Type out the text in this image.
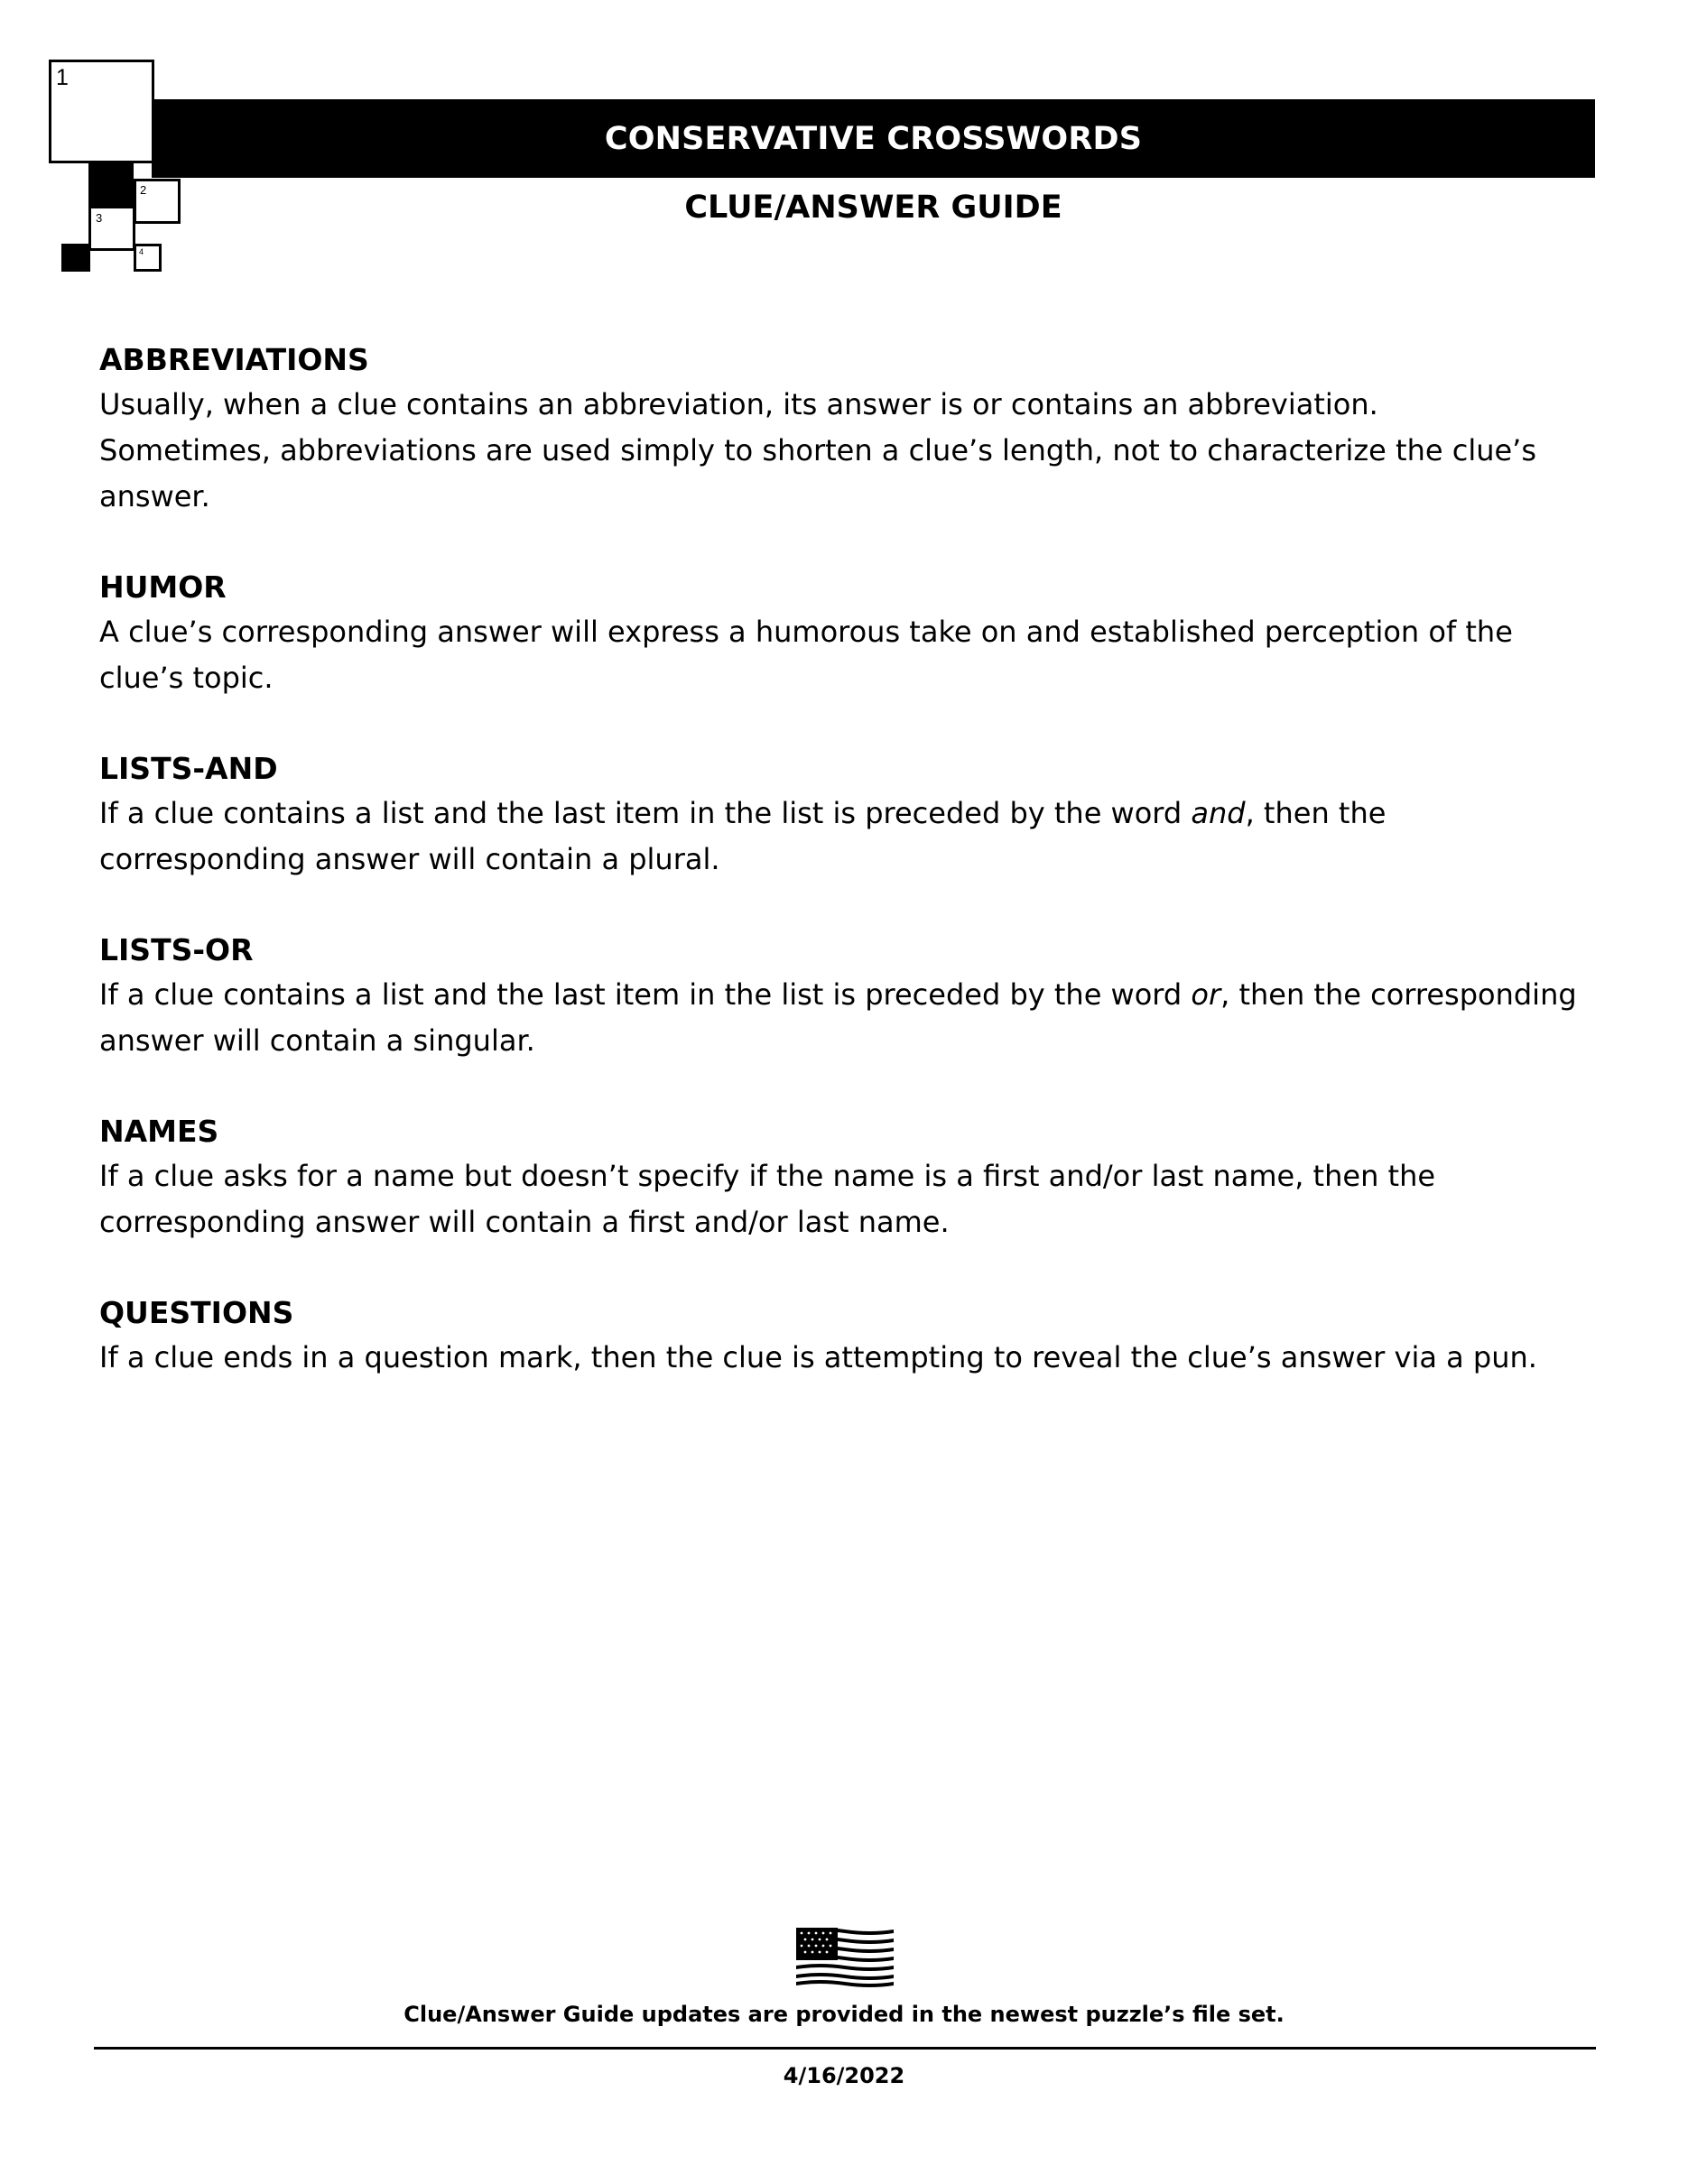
1
2
3
4
CONSERVATIVE CROSSWORDS
CLUE/ANSWER GUIDE

ABBREVIATIONS

Usually, when a clue contains an abbreviation, its answer is or contains an abbreviation.

Sometimes, abbreviations are used simply to shorten a clue’s length, not to characterize the clue’s answer.

HUMOR

A clue’s corresponding answer will express a humorous take on and established perception of the clue’s topic.

LISTS-AND

If a clue contains a list and the last item in the list is preceded by the word and, then the corresponding answer will contain a plural.

LISTS-OR

If a clue contains a list and the last item in the list is preceded by the word or, then the corresponding answer will contain a singular.

NAMES

If a clue asks for a name but doesn’t specify if the name is a first and/or last name, then the corresponding answer will contain a first and/or last name.

QUESTIONS

If a clue ends in a question mark, then the clue is attempting to reveal the clue’s answer via a pun.

Clue/Answer Guide updates are provided in the newest puzzle’s file set.
4/16/2022
